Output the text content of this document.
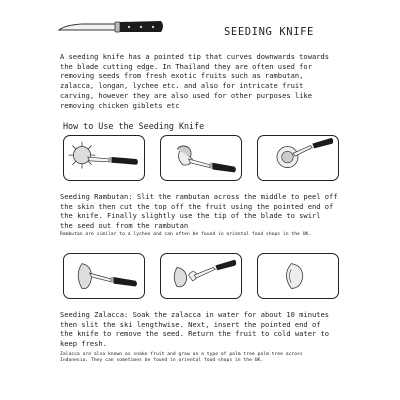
SEEDING KNIFE
A seeding knife has a pointed tip that curves downwards towards
the blade cutting edge. In Thailand they are often used for
removing seeds from fresh exotic fruits such as rambutan,
zalacca, longan, lychee etc. and also for intricate fruit
carving, however they are also used for other purposes like
removing chicken giblets etc
How to Use the Seeding Knife
Seeding Rambutan: Slit the rambutan across the middle to peel off
the skin then cut the top off the fruit using the pointed end of
the knife. Finally slightly use the tip of the blade to swirl
the seed out from the rambutan
Rambutan are similar to a lychee and can often be found in oriental food shops in the UK.
Seeding Zalacca: Soak the zalacca in water for about 10 minutes
then slit the ski lengthwise. Next, insert the pointed end of
the knife to remove the seed. Return the fruit to cold water to
keep fresh.
Zalacca are also known as snake fruit and grow on a type of palm tree palm tree across
Indonesia. They can sometimes be found in oriental food shops in the UK.
